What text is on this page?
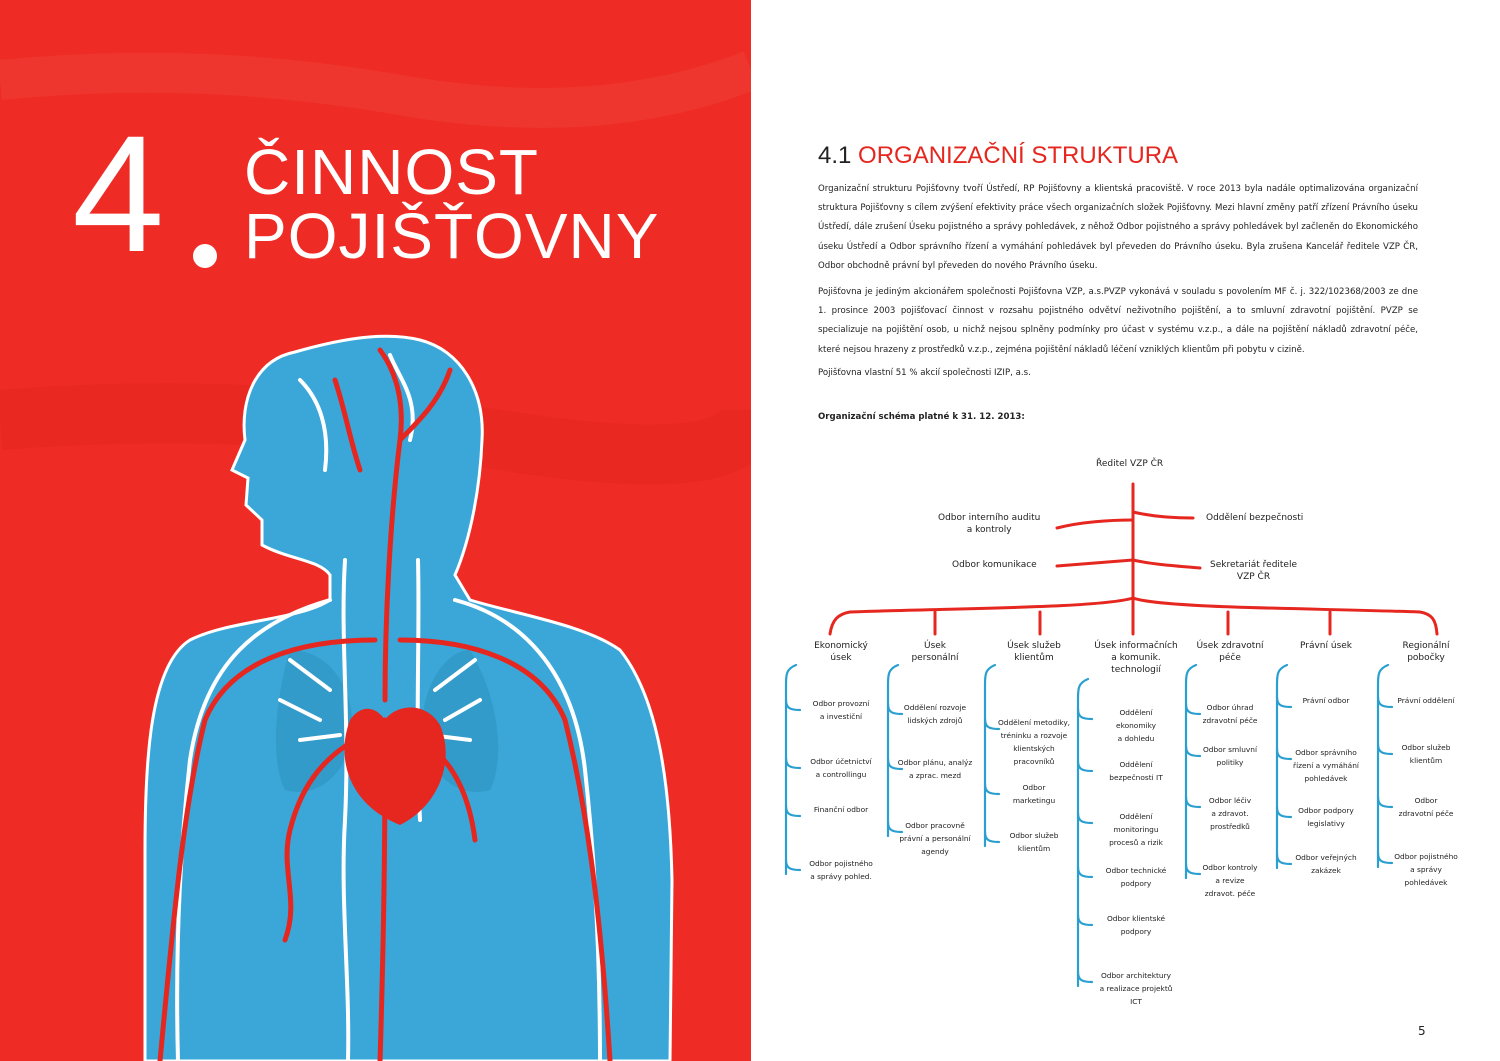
4 ČINNOST
POJIŠŤOVNY
4.1 ORGANIZAČNÍ STRUKTURA

Organizační strukturu Pojišťovny tvoří Ústředí, RP Pojišťovny a klientská pracoviště. V roce 2013 byla nadále optimalizována organizační struktura Pojišťovny s cílem zvýšení efektivity práce všech organizačních složek Pojišťovny. Mezi hlavní změny patří zřízení Právního úseku Ústředí, dále zrušení Úseku pojistného a správy pohledávek, z něhož Odbor pojistného a správy pohledávek byl začleněn do Ekonomického úseku Ústředí a Odbor správního řízení a vymáhání pohledávek byl převeden do Právního úseku. Byla zrušena Kancelář ředitele VZP ČR, Odbor obchodně právní byl převeden do nového Právního úseku.

Pojišťovna je jediným akcionářem společnosti Pojišťovna VZP, a.s.PVZP vykonává v souladu s povolením MF č. j. 322/102368/2003 ze dne 1. prosince 2003 pojišťovací činnost v rozsahu pojistného odvětví neživotního pojištění, a to smluvní zdravotní pojištění. PVZP se specializuje na pojištění osob, u nichž nejsou splněny podmínky pro účast v systému v.z.p., a dále na pojištění nákladů zdravotní péče, které nejsou hrazeny z prostředků v.z.p., zejména pojištění nákladů léčení vzniklých klientům při pobytu v cizině.

Pojišťovna vlastní 51 % akcií společnosti IZIP, a.s.

Organizační schéma platné k 31. 12. 2013:
Ředitel VZP ČR
Odbor interního auditu
a kontroly
Odbor komunikace
Oddělení bezpečnosti
Sekretariát ředitele
VZP ČR
Ekonomický
úsek
Odbor provozní
a investiční
Odbor účetnictví
a controllingu
Finanční odbor
Odbor pojistného
a správy pohled.
Úsek
personální
Oddělení rozvoje
lidských zdrojů
Odbor plánu, analýz
a zprac. mezd
Odbor pracovně
právní a personální
agendy
Úsek služeb
klientům
Oddělení metodiky,
tréninku a rozvoje
klientských
pracovníků
Odbor
marketingu
Odbor služeb
klientům
Úsek informačních
a komunik.
technologií
Oddělení
ekonomiky
a dohledu
Oddělení
bezpečnosti IT
Oddělení
monitoringu
procesů a rizik
Odbor technické
podpory
Odbor klientské
podpory
Odbor architektury
a realizace projektů
ICT
Úsek zdravotní
péče
Odbor úhrad
zdravotní péče
Odbor smluvní
politiky
Odbor léčiv
a zdravot.
prostředků
Odbor kontroly
a revize
zdravot. péče
Právní úsek
Právní odbor
Odbor správního
řízení a vymáhání
pohledávek
Odbor podpory
legislativy
Odbor veřejných
zakázek
Regionální
pobočky
Právní oddělení
Odbor služeb
klientům
Odbor
zdravotní péče
Odbor pojistného
a správy
pohledávek
5
